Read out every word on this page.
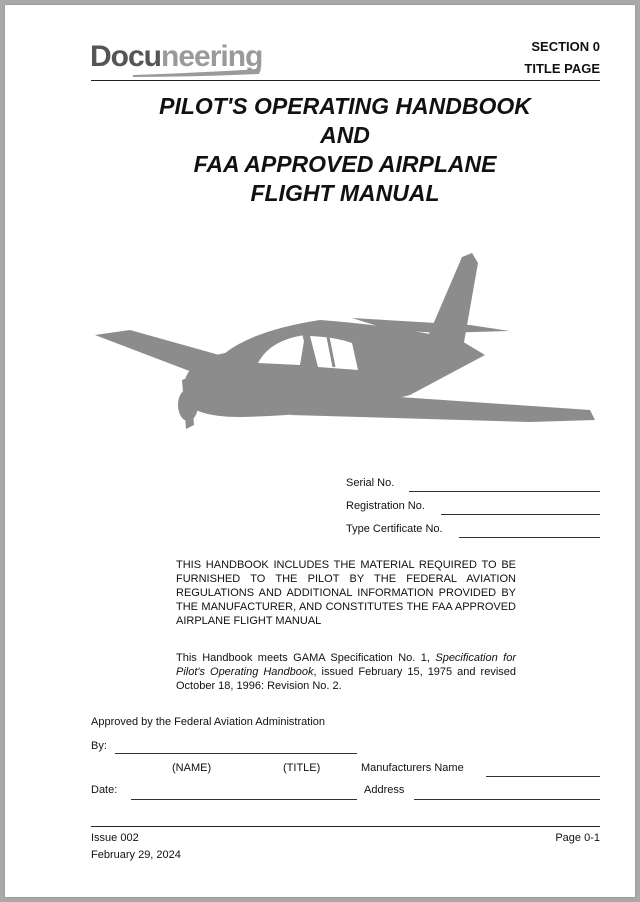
Docuneering	SECTION 0
TITLE PAGE
PILOT'S OPERATING HANDBOOK
AND
FAA APPROVED AIRPLANE
FLIGHT MANUAL
Serial No.
Registration No.
Type Certificate No.
THIS HANDBOOK INCLUDES THE MATERIAL REQUIRED TO BE FURNISHED TO THE PILOT BY THE FEDERAL AVIATION REGULATIONS AND ADDITIONAL INFORMATION PROVIDED BY THE MANUFACTURER, AND CONSTITUTES THE FAA APPROVED AIRPLANE FLIGHT MANUAL
This Handbook meets GAMA Specification No. 1, Specification for Pilot's Operating Handbook, issued February 15, 1975 and revised October 18, 1996: Revision No. 2.
Approved by the Federal Aviation Administration
By:
(NAME)	(TITLE)	Manufacturers Name
Date:	Address
Issue 002
February 29, 2024
Page 0-1
